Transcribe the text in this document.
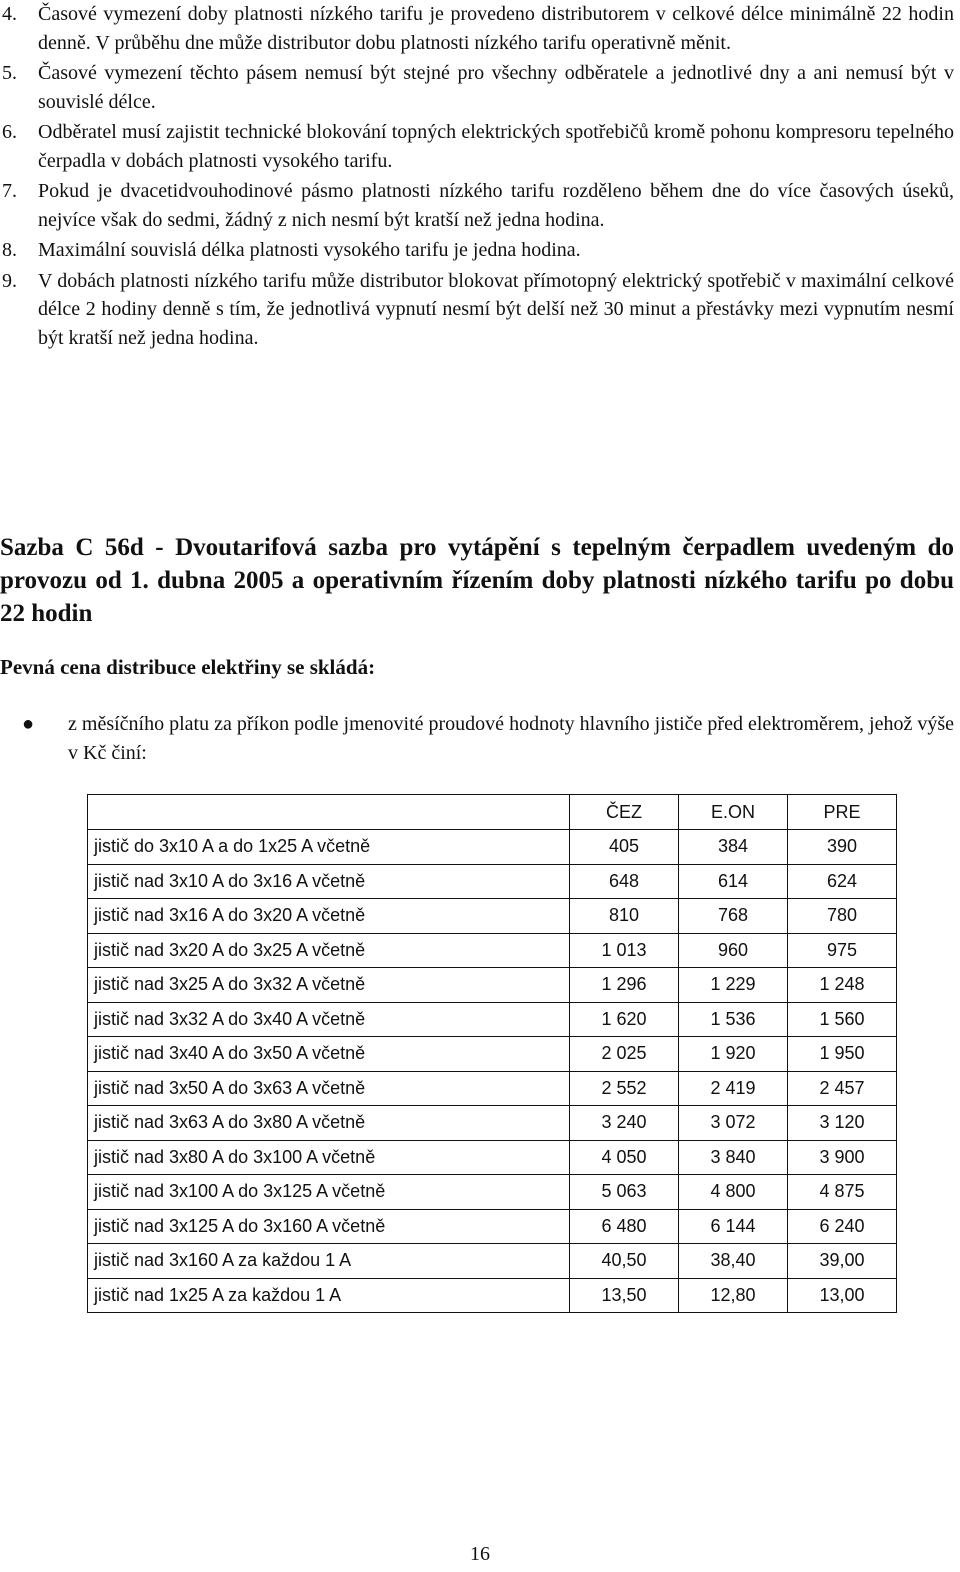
4. Časové vymezení doby platnosti nízkého tarifu je provedeno distributorem v celkové délce minimálně 22 hodin denně. V průběhu dne může distributor dobu platnosti nízkého tarifu operativně měnit.
5. Časové vymezení těchto pásem nemusí být stejné pro všechny odběratele a jednotlivé dny a ani nemusí být v souvislé délce.
6. Odběratel musí zajistit technické blokování topných elektrických spotřebičů kromě pohonu kompresoru tepelného čerpadla v dobách platnosti vysokého tarifu.
7. Pokud je dvacetidvouhodinové pásmo platnosti nízkého tarifu rozděleno během dne do více časových úseků, nejvíce však do sedmi, žádný z nich nesmí být kratší než jedna hodina.
8. Maximální souvislá délka platnosti vysokého tarifu je jedna hodina.
9. V dobách platnosti nízkého tarifu může distributor blokovat přímotopný elektrický spotřebič v maximální celkové délce 2 hodiny denně s tím, že jednotlivá vypnutí nesmí být delší než 30 minut a přestávky mezi vypnutím nesmí být kratší než jedna hodina.
Sazba C 56d - Dvoutarifová sazba pro vytápění s tepelným čerpadlem uvedeným do provozu od 1. dubna 2005 a operativním řízením doby platnosti nízkého tarifu po dobu 22 hodin
Pevná cena distribuce elektřiny se skládá:
●	z měsíčního platu za příkon podle jmenovité proudové hodnoty hlavního jističe před elektroměrem, jehož výše v Kč činí:
	ČEZ	E.ON	PRE
jistič do 3x10 A a do 1x25 A včetně	405	384	390
jistič nad 3x10 A do 3x16 A včetně	648	614	624
jistič nad 3x16 A do 3x20 A včetně	810	768	780
jistič nad 3x20 A do 3x25 A včetně	1 013	960	975
jistič nad 3x25 A do 3x32 A včetně	1 296	1 229	1 248
jistič nad 3x32 A do 3x40 A včetně	1 620	1 536	1 560
jistič nad 3x40 A do 3x50 A včetně	2 025	1 920	1 950
jistič nad 3x50 A do 3x63 A včetně	2 552	2 419	2 457
jistič nad 3x63 A do 3x80 A včetně	3 240	3 072	3 120
jistič nad 3x80 A do 3x100 A včetně	4 050	3 840	3 900
jistič nad 3x100 A do 3x125 A včetně	5 063	4 800	4 875
jistič nad 3x125 A do 3x160 A včetně	6 480	6 144	6 240
jistič nad 3x160 A za každou 1 A	40,50	38,40	39,00
jistič nad 1x25 A za každou 1 A	13,50	12,80	13,00
16
